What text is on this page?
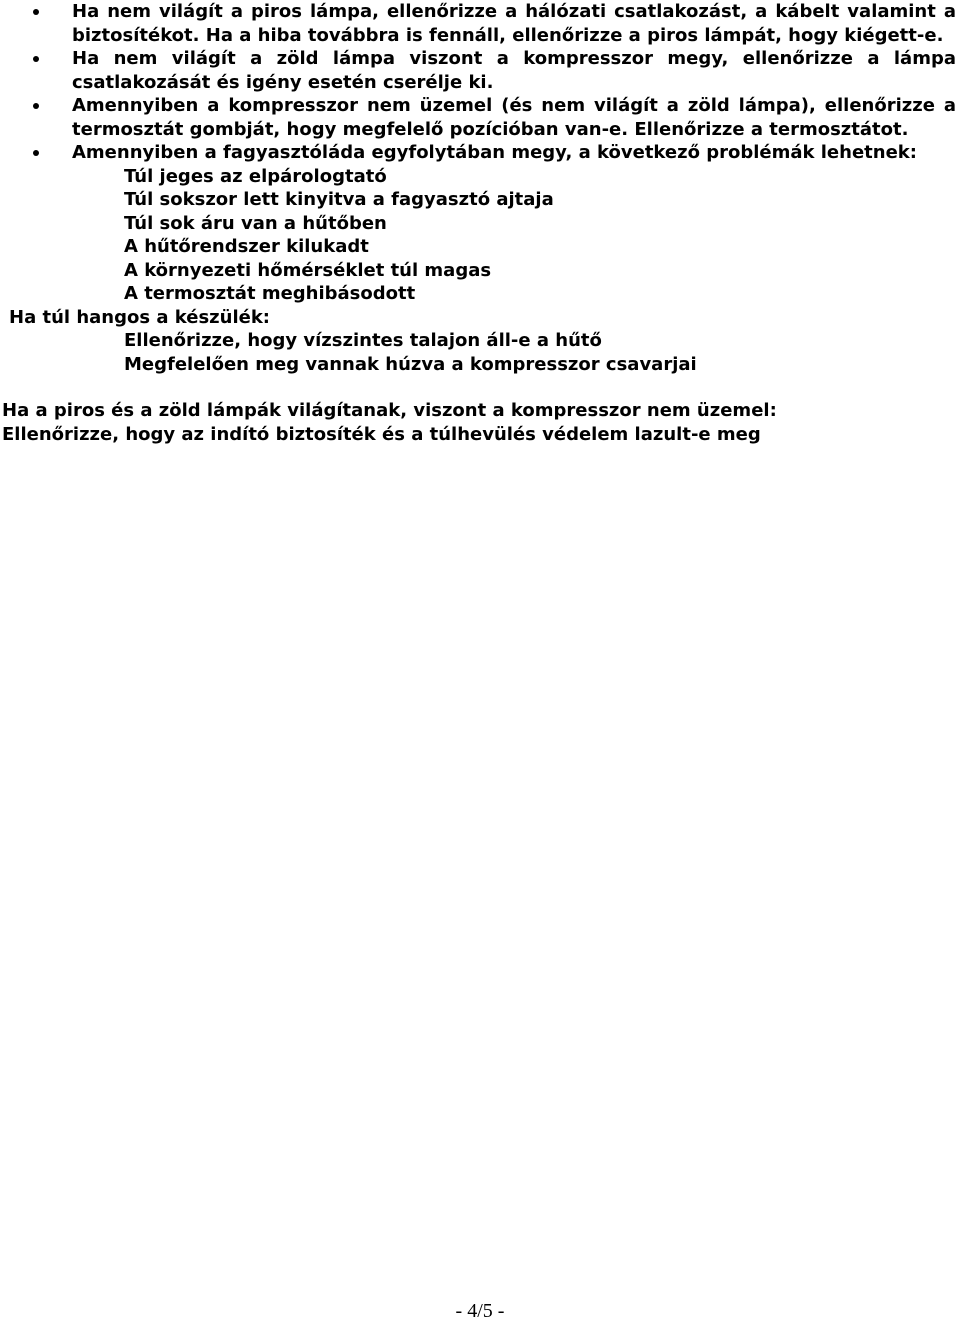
Ha nem világít a piros lámpa, ellenőrizze a hálózati csatlakozást, a kábelt valamint a biztosítékot. Ha a hiba továbbra is fennáll, ellenőrizze a piros lámpát, hogy kiégett-e.
Ha nem világít a zöld lámpa viszont a kompresszor megy, ellenőrizze a lámpa csatlakozását és igény esetén cserélje ki.
Amennyiben a kompresszor nem üzemel (és nem világít a zöld lámpa), ellenőrizze a termosztát gombját, hogy megfelelő pozícióban van-e. Ellenőrizze a termosztátot.
Amennyiben a fagyasztóláda egyfolytában megy, a következő problémák lehetnek:
Túl jeges az elpárologtató
Túl sokszor lett kinyitva a fagyasztó ajtaja
Túl sok áru van a hűtőben
A hűtőrendszer kilukadt
A környezeti hőmérséklet túl magas
A termosztát meghibásodott
Ha túl hangos a készülék:
Ellenőrizze, hogy vízszintes talajon áll-e a hűtő
Megfelelően meg vannak húzva a kompresszor csavarjai
Ha a piros és a zöld lámpák világítanak, viszont a kompresszor nem üzemel:
Ellenőrizze, hogy az indító biztosíték és a túlhevülés védelem lazult-e meg
- 4/5 -
